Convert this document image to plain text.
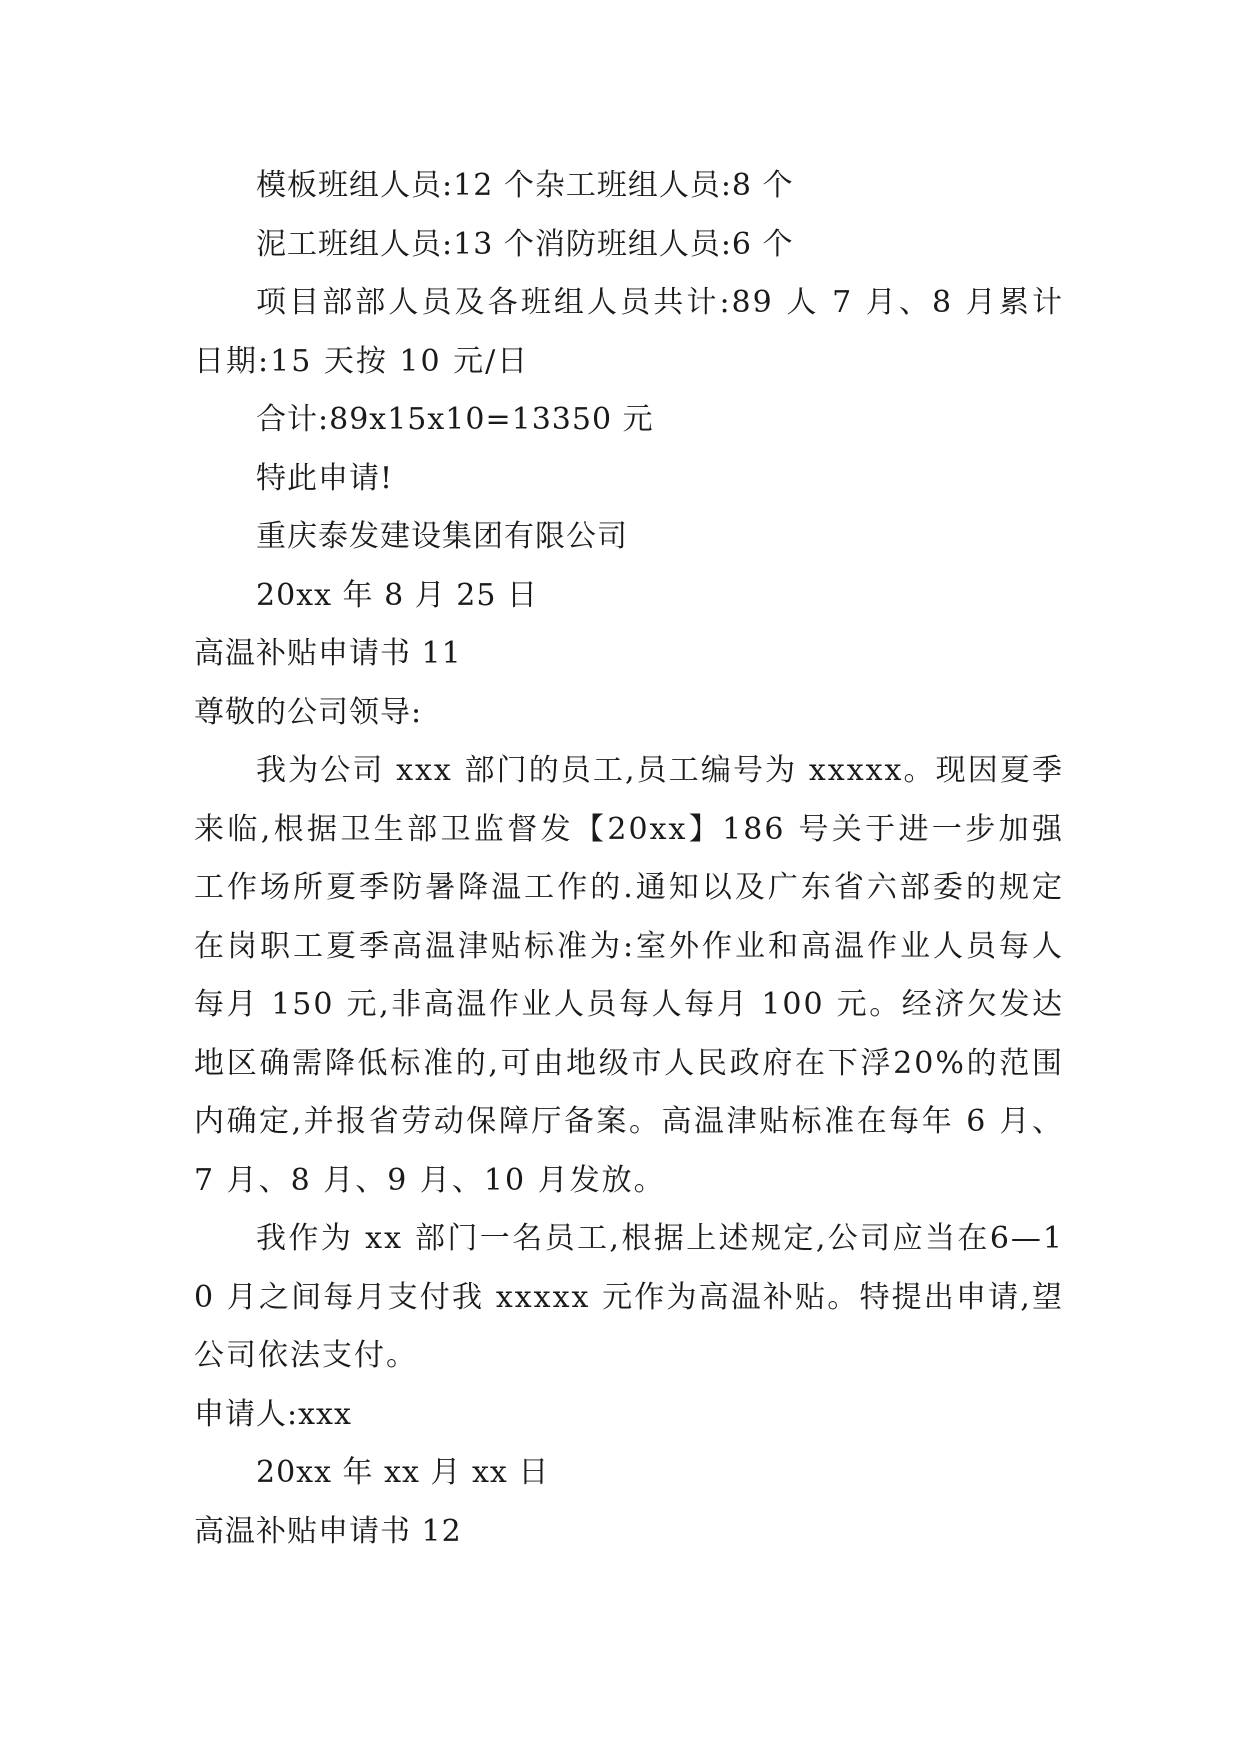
模板班组人员:12 个杂工班组人员:8 个
泥工班组人员:13 个消防班组人员:6 个

项目部部人员及各班组人员共计:89 人 7 月、8 月累计日期:15 天按 10 元/日

合计:89x15x10=13350 元
特此申请!
重庆泰发建设集团有限公司
20xx 年 8 月 25 日
高温补贴申请书 11
尊敬的公司领导:

我为公司 xxx 部门的员工,员工编号为 xxxxx。现因夏季来临,根据卫生部卫监督发【20xx】186 号关于进一步加强工作场所夏季防暑降温工作的.通知以及广东省六部委的规定在岗职工夏季高温津贴标准为:室外作业和高温作业人员每人每月 150 元,非高温作业人员每人每月 100 元。经济欠发达地区确需降低标准的,可由地级市人民政府在下浮20%的范围内确定,并报省劳动保障厅备案。高温津贴标准在每年 6 月、7 月、8 月、9 月、10 月发放。

我作为 xx 部门一名员工,根据上述规定,公司应当在6—10 月之间每月支付我 xxxxx 元作为高温补贴。特提出申请,望公司依法支付。

申请人:xxx
20xx 年 xx 月 xx 日
高温补贴申请书 12
